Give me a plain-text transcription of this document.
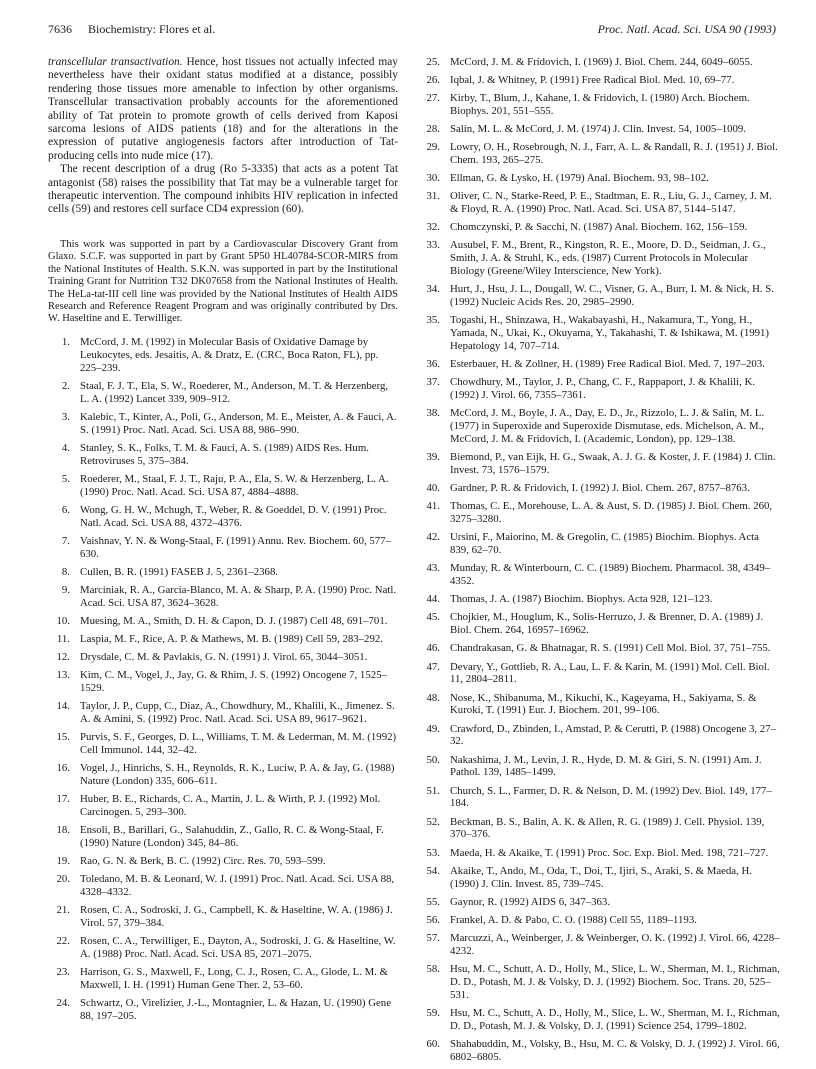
7636 Biochemistry: Flores et al.	Proc. Natl. Acad. Sci. USA 90 (1993)

transcellular transactivation. Hence, host tissues not actually infected may nevertheless have their oxidant status modified at a distance, possibly rendering those tissues more amenable to infection by other organisms. Transcellular transactivation probably accounts for the aforementioned ability of Tat protein to promote growth of cells derived from Kaposi sarcoma lesions of AIDS patients (18) and for the alterations in the expression of putative angiogenesis factors after introduction of Tat-producing cells into nude mice (17).

The recent description of a drug (Ro 5-3335) that acts as a potent Tat antagonist (58) raises the possibility that Tat may be a vulnerable target for therapeutic intervention. The compound inhibits HIV replication in infected cells (59) and restores cell surface CD4 expression (60).

This work was supported in part by a Cardiovascular Discovery Grant from Glaxo. S.C.F. was supported in part by Grant 5P50 HL40784-SCOR-MIRS from the National Institutes of Health. S.K.N. was supported in part by the Institutional Training Grant for Nutrition T32 DK07658 from the National Institutes of Health. The HeLa-tat-III cell line was provided by the National Institutes of Health AIDS Research and Reference Reagent Program and was originally contributed by Drs. W. Haseltine and E. Terwilliger.

1. McCord, J. M. (1992) in Molecular Basis of Oxidative Damage by Leukocytes, eds. Jesaitis, A. & Dratz, E. (CRC, Boca Raton, FL), pp. 225–239.
2. Staal, F. J. T., Ela, S. W., Roederer, M., Anderson, M. T. & Herzenberg, L. A. (1992) Lancet 339, 909–912.
3. Kalebic, T., Kinter, A., Poli, G., Anderson, M. E., Meister, A. & Fauci, A. S. (1991) Proc. Natl. Acad. Sci. USA 88, 986–990.
4. Stanley, S. K., Folks, T. M. & Fauci, A. S. (1989) AIDS Res. Hum. Retroviruses 5, 375–384.
5. Roederer, M., Staal, F. J. T., Raju, P. A., Ela, S. W. & Herzenberg, L. A. (1990) Proc. Natl. Acad. Sci. USA 87, 4884–4888.
6. Wong, G. H. W., Mchugh, T., Weber, R. & Goeddel, D. V. (1991) Proc. Natl. Acad. Sci. USA 88, 4372–4376.
7. Vaishnav, Y. N. & Wong-Staal, F. (1991) Annu. Rev. Biochem. 60, 577–630.
8. Cullen, B. R. (1991) FASEB J. 5, 2361–2368.
9. Marciniak, R. A., Garcia-Blanco, M. A. & Sharp, P. A. (1990) Proc. Natl. Acad. Sci. USA 87, 3624–3628.
10. Muesing, M. A., Smith, D. H. & Capon, D. J. (1987) Cell 48, 691–701.
11. Laspia, M. F., Rice, A. P. & Mathews, M. B. (1989) Cell 59, 283–292.
12. Drysdale, C. M. & Pavlakis, G. N. (1991) J. Virol. 65, 3044–3051.
13. Kim, C. M., Vogel, J., Jay, G. & Rhim, J. S. (1992) Oncogene 7, 1525–1529.
14. Taylor, J. P., Cupp, C., Diaz, A., Chowdhury, M., Khalili, K., Jimenez. S. A. & Amini, S. (1992) Proc. Natl. Acad. Sci. USA 89, 9617–9621.
15. Purvis, S. F., Georges, D. L., Williams, T. M. & Lederman, M. M. (1992) Cell Immunol. 144, 32–42.
16. Vogel, J., Hinrichs, S. H., Reynolds, R. K., Luciw, P. A. & Jay, G. (1988) Nature (London) 335, 606–611.
17. Huber, B. E., Richards, C. A., Martin, J. L. & Wirth, P. J. (1992) Mol. Carcinogen. 5, 293–300.
18. Ensoli, B., Barillari, G., Salahuddin, Z., Gallo, R. C. & Wong-Staal, F. (1990) Nature (London) 345, 84–86.
19. Rao, G. N. & Berk, B. C. (1992) Circ. Res. 70, 593–599.
20. Toledano, M. B. & Leonard, W. J. (1991) Proc. Natl. Acad. Sci. USA 88, 4328–4332.
21. Rosen, C. A., Sodroski, J. G., Campbell, K. & Haseltine, W. A. (1986) J. Virol. 57, 379–384.
22. Rosen, C. A., Terwilliger, E., Dayton, A., Sodroski, J. G. & Haseltine, W. A. (1988) Proc. Natl. Acad. Sci. USA 85, 2071–2075.
23. Harrison, G. S., Maxwell, F., Long, C. J., Rosen, C. A., Glode, L. M. & Maxwell, I. H. (1991) Human Gene Ther. 2, 53–60.
24. Schwartz, O., Virelizier, J.-L., Montagnier, L. & Hazan, U. (1990) Gene 88, 197–205.
25. McCord, J. M. & Fridovich, I. (1969) J. Biol. Chem. 244, 6049–6055.
26. Iqbal, J. & Whitney, P. (1991) Free Radical Biol. Med. 10, 69–77.
27. Kirby, T., Blum, J., Kahane, I. & Fridovich, I. (1980) Arch. Biochem. Biophys. 201, 551–555.
28. Salin, M. L. & McCord, J. M. (1974) J. Clin. Invest. 54, 1005–1009.
29. Lowry, O. H., Rosebrough, N. J., Farr, A. L. & Randall, R. J. (1951) J. Biol. Chem. 193, 265–275.
30. Ellman, G. & Lysko, H. (1979) Anal. Biochem. 93, 98–102.
31. Oliver, C. N., Starke-Reed, P. E., Stadtman, E. R., Liu, G. J., Carney, J. M. & Floyd, R. A. (1990) Proc. Natl. Acad. Sci. USA 87, 5144–5147.
32. Chomczynski, P. & Sacchi, N. (1987) Anal. Biochem. 162, 156–159.
33. Ausubel, F. M., Brent, R., Kingston, R. E., Moore, D. D., Seidman, J. G., Smith, J. A. & Struhl, K., eds. (1987) Current Protocols in Molecular Biology (Greene/Wiley Interscience, New York).
34. Hurt, J., Hsu, J. L., Dougall, W. C., Visner, G. A., Burr, I. M. & Nick, H. S. (1992) Nucleic Acids Res. 20, 2985–2990.
35. Togashi, H., Shinzawa, H., Wakabayashi, H., Nakamura, T., Yong, H., Yamada, N., Ukai, K., Okuyama, Y., Takahashi, T. & Ishikawa, M. (1991) Hepatology 14, 707–714.
36. Esterbauer, H. & Zollner, H. (1989) Free Radical Biol. Med. 7, 197–203.
37. Chowdhury, M., Taylor, J. P., Chang, C. F., Rappaport, J. & Khalili, K. (1992) J. Virol. 66, 7355–7361.
38. McCord, J. M., Boyle, J. A., Day, E. D., Jr., Rizzolo, L. J. & Salin, M. L. (1977) in Superoxide and Superoxide Dismutase, eds. Michelson, A. M., McCord, J. M. & Fridovich, I. (Academic, London), pp. 129–138.
39. Biemond, P., van Eijk, H. G., Swaak, A. J. G. & Koster, J. F. (1984) J. Clin. Invest. 73, 1576–1579.
40. Gardner, P. R. & Fridovich, I. (1992) J. Biol. Chem. 267, 8757–8763.
41. Thomas, C. E., Morehouse, L. A. & Aust, S. D. (1985) J. Biol. Chem. 260, 3275–3280.
42. Ursini, F., Maiorino, M. & Gregolin, C. (1985) Biochim. Biophys. Acta 839, 62–70.
43. Munday, R. & Winterbourn, C. C. (1989) Biochem. Pharmacol. 38, 4349–4352.
44. Thomas, J. A. (1987) Biochim. Biophys. Acta 928, 121–123.
45. Chojkier, M., Houglum, K., Solis-Herruzo, J. & Brenner, D. A. (1989) J. Biol. Chem. 264, 16957–16962.
46. Chandrakasan, G. & Bhatnagar, R. S. (1991) Cell Mol. Biol. 37, 751–755.
47. Devary, Y., Gottlieb, R. A., Lau, L. F. & Karin, M. (1991) Mol. Cell. Biol. 11, 2804–2811.
48. Nose, K., Shibanuma, M., Kikuchi, K., Kageyama, H., Sakiyama, S. & Kuroki, T. (1991) Eur. J. Biochem. 201, 99–106.
49. Crawford, D., Zbinden, I., Amstad, P. & Cerutti, P. (1988) Oncogene 3, 27–32.
50. Nakashima, J. M., Levin, J. R., Hyde, D. M. & Giri, S. N. (1991) Am. J. Pathol. 139, 1485–1499.
51. Church, S. L., Farmer, D. R. & Nelson, D. M. (1992) Dev. Biol. 149, 177–184.
52. Beckman, B. S., Balin, A. K. & Allen, R. G. (1989) J. Cell. Physiol. 139, 370–376.
53. Maeda, H. & Akaike, T. (1991) Proc. Soc. Exp. Biol. Med. 198, 721–727.
54. Akaike, T., Ando, M., Oda, T., Doi, T., Ijiri, S., Araki, S. & Maeda, H. (1990) J. Clin. Invest. 85, 739–745.
55. Gaynor, R. (1992) AIDS 6, 347–363.
56. Frankel, A. D. & Pabo, C. O. (1988) Cell 55, 1189–1193.
57. Marcuzzi, A., Weinberger, J. & Weinberger, O. K. (1992) J. Virol. 66, 4228–4232.
58. Hsu, M. C., Schutt, A. D., Holly, M., Slice, L. W., Sherman, M. I., Richman, D. D., Potash, M. J. & Volsky, D. J. (1992) Biochem. Soc. Trans. 20, 525–531.
59. Hsu, M. C., Schutt, A. D., Holly, M., Slice, L. W., Sherman, M. I., Richman, D. D., Potash, M. J. & Volsky, D. J. (1991) Science 254, 1799–1802.
60. Shahabuddin, M., Volsky, B., Hsu, M. C. & Volsky, D. J. (1992) J. Virol. 66, 6802–6805.
